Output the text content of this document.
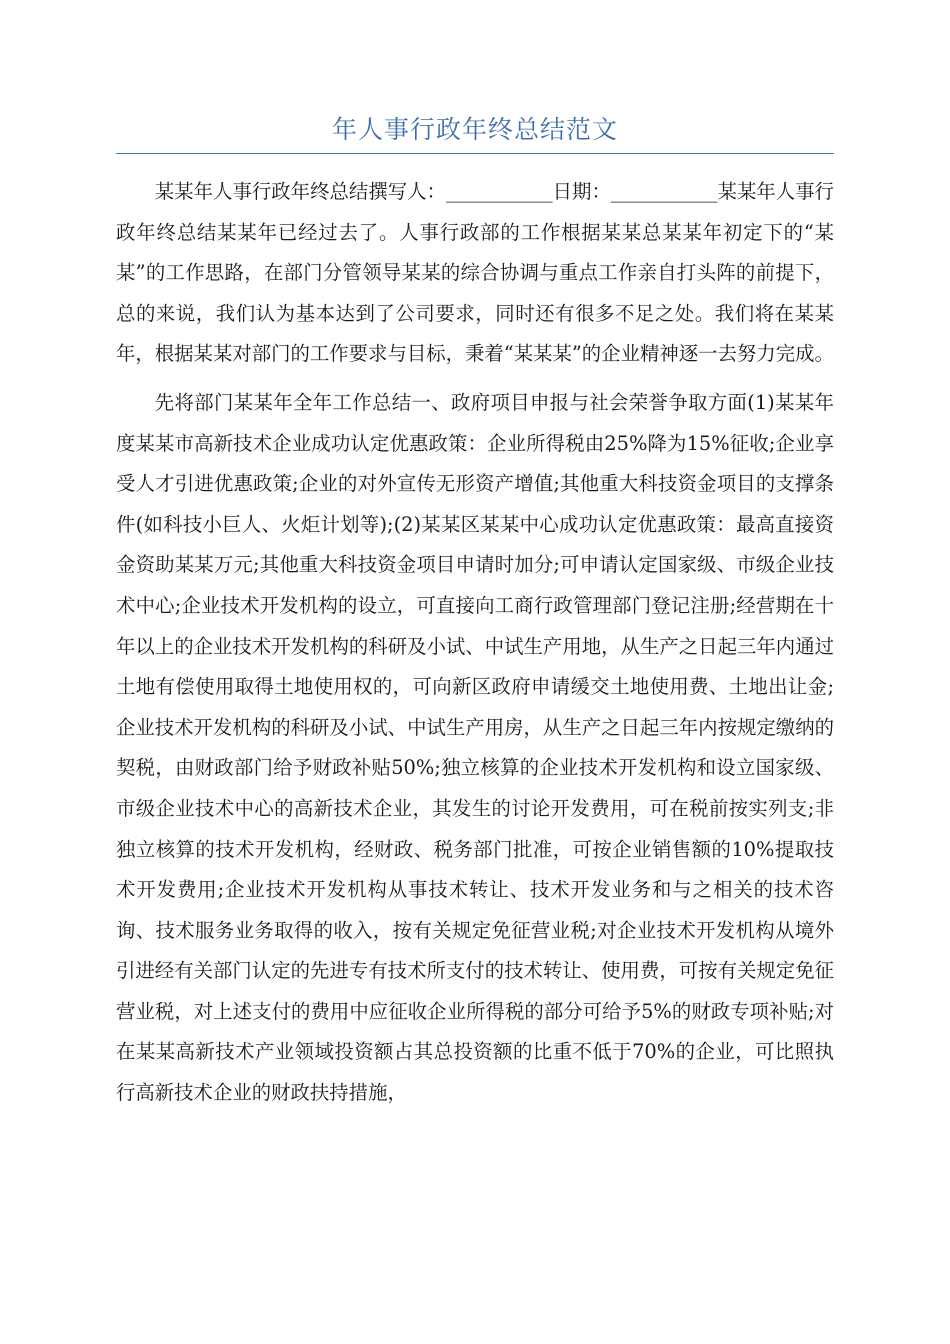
年人事行政年终总结范文

某某年人事行政年终总结撰写人：___________日期：___________某某年人事行政年终总结某某年已经过去了。人事行政部的工作根据某某总某某年初定下的“某某”的工作思路，在部门分管领导某某的综合协调与重点工作亲自打头阵的前提下，总的来说，我们认为基本达到了公司要求，同时还有很多不足之处。我们将在某某年，根据某某对部门的工作要求与目标，秉着“某某某”的企业精神逐一去努力完成。

先将部门某某年全年工作总结一、政府项目申报与社会荣誉争取方面(1)某某年度某某市高新技术企业成功认定优惠政策：企业所得税由25%降为15%征收;企业享受人才引进优惠政策;企业的对外宣传无形资产增值;其他重大科技资金项目的支撑条件(如科技小巨人、火炬计划等);(2)某某区某某中心成功认定优惠政策：最高直接资金资助某某万元;其他重大科技资金项目申请时加分;可申请认定国家级、市级企业技术中心;企业技术开发机构的设立，可直接向工商行政管理部门登记注册;经营期在十年以上的企业技术开发机构的科研及小试、中试生产用地，从生产之日起三年内通过土地有偿使用取得土地使用权的，可向新区政府申请缓交土地使用费、土地出让金;企业技术开发机构的科研及小试、中试生产用房，从生产之日起三年内按规定缴纳的契税，由财政部门给予财政补贴50%;独立核算的企业技术开发机构和设立国家级、市级企业技术中心的高新技术企业，其发生的讨论开发费用，可在税前按实列支;非独立核算的技术开发机构，经财政、税务部门批准，可按企业销售额的10%提取技术开发费用;企业技术开发机构从事技术转让、技术开发业务和与之相关的技术咨询、技术服务业务取得的收入，按有关规定免征营业税;对企业技术开发机构从境外引进经有关部门认定的先进专有技术所支付的技术转让、使用费，可按有关规定免征营业税，对上述支付的费用中应征收企业所得税的部分可给予5%的财政专项补贴;对在某某高新技术产业领域投资额占其总投资额的比重不低于70%的企业，可比照执行高新技术企业的财政扶持措施，
